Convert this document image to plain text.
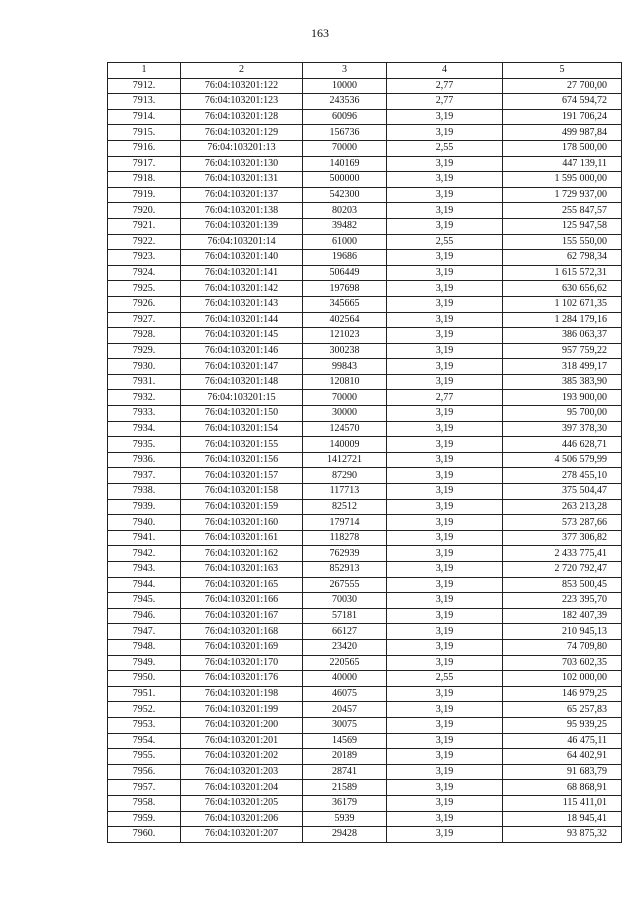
163
1	2	3	4	5
7912.	76:04:103201:122	10000	2,77	27 700,00
7913.	76:04:103201:123	243536	2,77	674 594,72
7914.	76:04:103201:128	60096	3,19	191 706,24
7915.	76:04:103201:129	156736	3,19	499 987,84
7916.	76:04:103201:13	70000	2,55	178 500,00
7917.	76:04:103201:130	140169	3,19	447 139,11
7918.	76:04:103201:131	500000	3,19	1 595 000,00
7919.	76:04:103201:137	542300	3,19	1 729 937,00
7920.	76:04:103201:138	80203	3,19	255 847,57
7921.	76:04:103201:139	39482	3,19	125 947,58
7922.	76:04:103201:14	61000	2,55	155 550,00
7923.	76:04:103201:140	19686	3,19	62 798,34
7924.	76:04:103201:141	506449	3,19	1 615 572,31
7925.	76:04:103201:142	197698	3,19	630 656,62
7926.	76:04:103201:143	345665	3,19	1 102 671,35
7927.	76:04:103201:144	402564	3,19	1 284 179,16
7928.	76:04:103201:145	121023	3,19	386 063,37
7929.	76:04:103201:146	300238	3,19	957 759,22
7930.	76:04:103201:147	99843	3,19	318 499,17
7931.	76:04:103201:148	120810	3,19	385 383,90
7932.	76:04:103201:15	70000	2,77	193 900,00
7933.	76:04:103201:150	30000	3,19	95 700,00
7934.	76:04:103201:154	124570	3,19	397 378,30
7935.	76:04:103201:155	140009	3,19	446 628,71
7936.	76:04:103201:156	1412721	3,19	4 506 579,99
7937.	76:04:103201:157	87290	3,19	278 455,10
7938.	76:04:103201:158	117713	3,19	375 504,47
7939.	76:04:103201:159	82512	3,19	263 213,28
7940.	76:04:103201:160	179714	3,19	573 287,66
7941.	76:04:103201:161	118278	3,19	377 306,82
7942.	76:04:103201:162	762939	3,19	2 433 775,41
7943.	76:04:103201:163	852913	3,19	2 720 792,47
7944.	76:04:103201:165	267555	3,19	853 500,45
7945.	76:04:103201:166	70030	3,19	223 395,70
7946.	76:04:103201:167	57181	3,19	182 407,39
7947.	76:04:103201:168	66127	3,19	210 945,13
7948.	76:04:103201:169	23420	3,19	74 709,80
7949.	76:04:103201:170	220565	3,19	703 602,35
7950.	76:04:103201:176	40000	2,55	102 000,00
7951.	76:04:103201:198	46075	3,19	146 979,25
7952.	76:04:103201:199	20457	3,19	65 257,83
7953.	76:04:103201:200	30075	3,19	95 939,25
7954.	76:04:103201:201	14569	3,19	46 475,11
7955.	76:04:103201:202	20189	3,19	64 402,91
7956.	76:04:103201:203	28741	3,19	91 683,79
7957.	76:04:103201:204	21589	3,19	68 868,91
7958.	76:04:103201:205	36179	3,19	115 411,01
7959.	76:04:103201:206	5939	3,19	18 945,41
7960.	76:04:103201:207	29428	3,19	93 875,32
